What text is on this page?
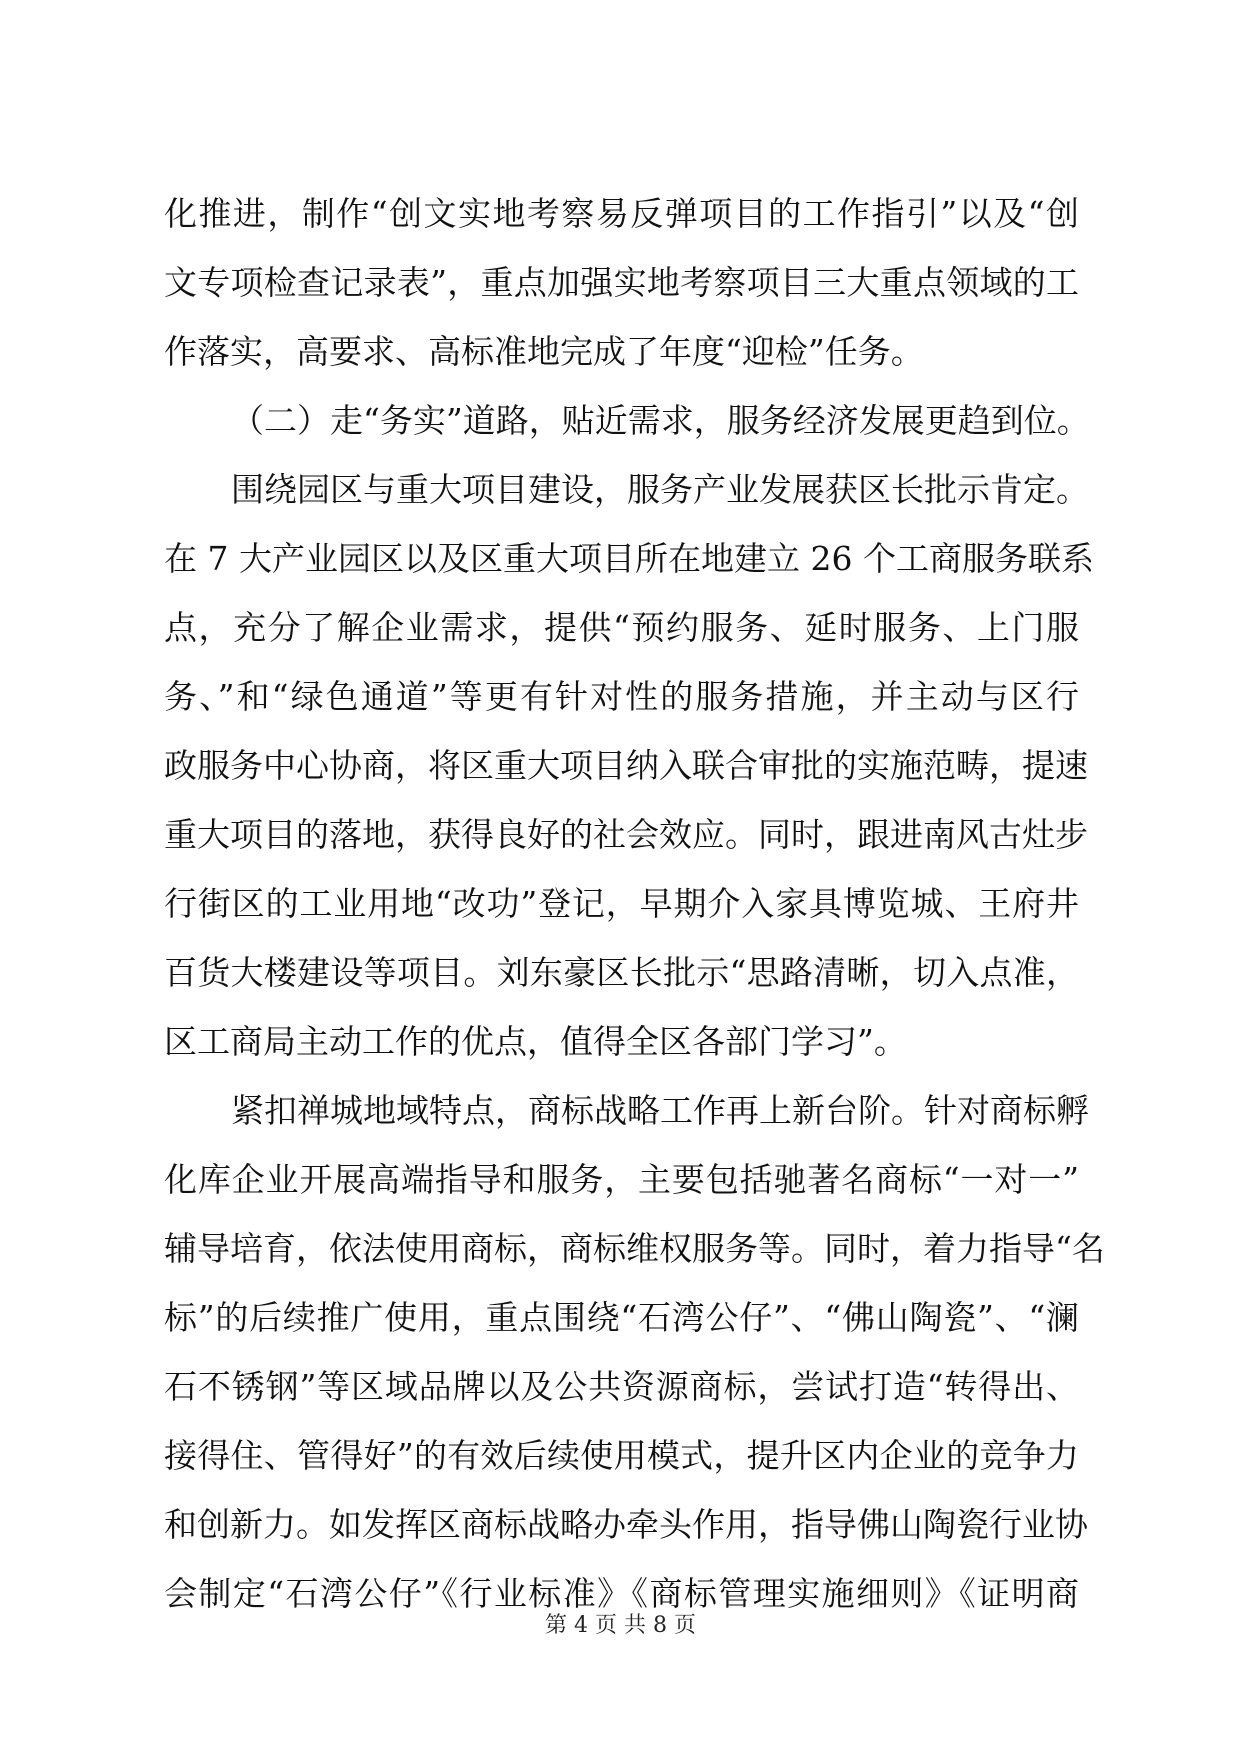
化推进，制作“创文实地考察易反弹项目的工作指引”以及“创
文专项检查记录表”，重点加强实地考察项目三大重点领域的工
作落实，高要求、高标准地完成了年度“迎检”任务。
（二）走“务实”道路，贴近需求，服务经济发展更趋到位。
围绕园区与重大项目建设，服务产业发展获区长批示肯定。
在 7 大产业园区以及区重大项目所在地建立 26 个工商服务联系
点，充分了解企业需求，提供“预约服务、延时服务、上门服
务、”和“绿色通道”等更有针对性的服务措施，并主动与区行
政服务中心协商，将区重大项目纳入联合审批的实施范畴，提速
重大项目的落地，获得良好的社会效应。同时，跟进南风古灶步
行街区的工业用地“改功”登记，早期介入家具博览城、王府井
百货大楼建设等项目。刘东豪区长批示“思路清晰，切入点准，
区工商局主动工作的优点，值得全区各部门学习”。
紧扣禅城地域特点，商标战略工作再上新台阶。针对商标孵
化库企业开展高端指导和服务，主要包括驰著名商标“一对一”
辅导培育，依法使用商标，商标维权服务等。同时，着力指导“名
标”的后续推广使用，重点围绕“石湾公仔”、“佛山陶瓷”、“澜
石不锈钢”等区域品牌以及公共资源商标，尝试打造“转得出、
接得住、管得好”的有效后续使用模式，提升区内企业的竞争力
和创新力。如发挥区商标战略办牵头作用，指导佛山陶瓷行业协
会制定“石湾公仔”《行业标准》《商标管理实施细则》《证明商
第 4 页 共 8 页
